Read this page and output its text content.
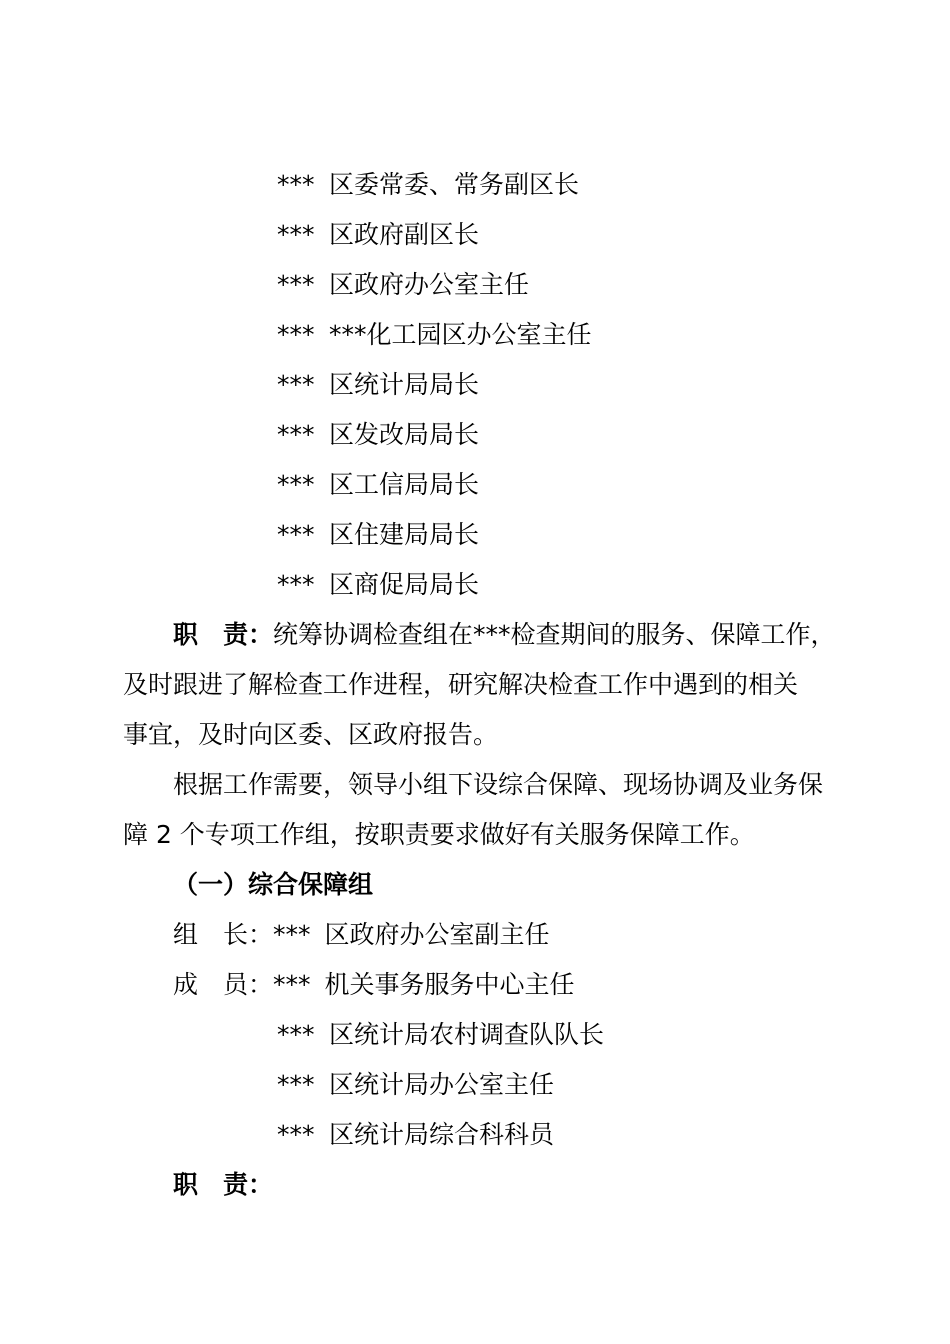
*** 区委常委、常务副区长
*** 区政府副区长
*** 区政府办公室主任
*** ***化工园区办公室主任
*** 区统计局局长
*** 区发改局局长
*** 区工信局局长
*** 区住建局局长
*** 区商促局局长
职　责：统筹协调检查组在***检查期间的服务、保障工作，
及时跟进了解检查工作进程，研究解决检查工作中遇到的相关
事宜，及时向区委、区政府报告。
根据工作需要，领导小组下设综合保障、现场协调及业务保
障 2 个专项工作组，按职责要求做好有关服务保障工作。
（一）综合保障组
组　长：*** 区政府办公室副主任
成　员：*** 机关事务服务中心主任
*** 区统计局农村调查队队长
*** 区统计局办公室主任
*** 区统计局综合科科员
职　责：
